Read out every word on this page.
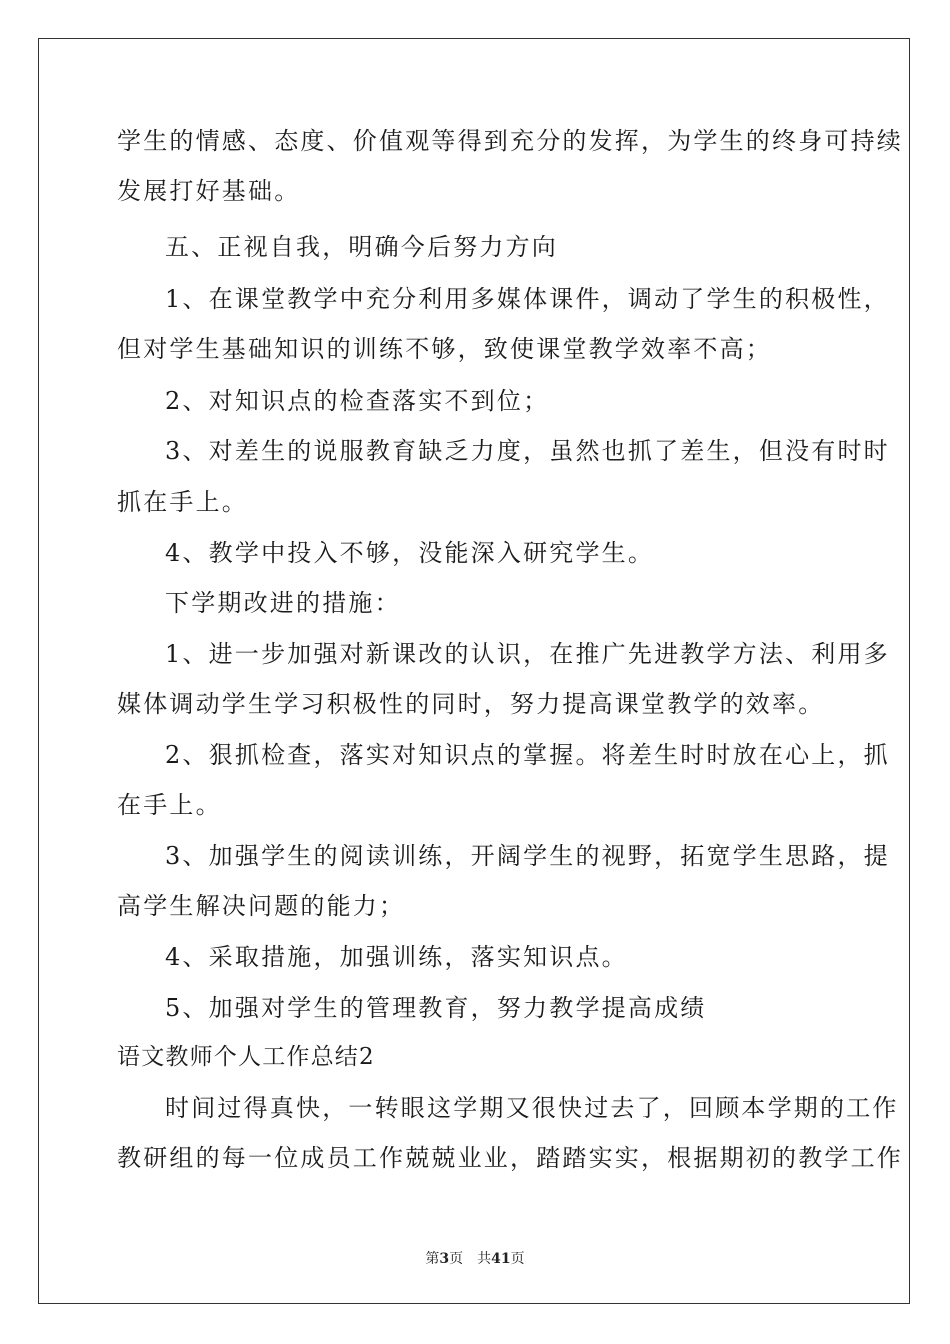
学生的情感、态度、价值观等得到充分的发挥，为学生的终身可持续
发展打好基础。
五、正视自我，明确今后努力方向
1、在课堂教学中充分利用多媒体课件，调动了学生的积极性，
但对学生基础知识的训练不够，致使课堂教学效率不高；
2、对知识点的检查落实不到位；
3、对差生的说服教育缺乏力度，虽然也抓了差生，但没有时时
抓在手上。
4、教学中投入不够，没能深入研究学生。
下学期改进的措施：
1、进一步加强对新课改的认识，在推广先进教学方法、利用多
媒体调动学生学习积极性的同时，努力提高课堂教学的效率。
2、狠抓检查，落实对知识点的掌握。将差生时时放在心上，抓
在手上。
3、加强学生的阅读训练，开阔学生的视野，拓宽学生思路，提
高学生解决问题的能力；
4、采取措施，加强训练，落实知识点。
5、加强对学生的管理教育，努力教学提高成绩
语文教师个人工作总结2
时间过得真快，一转眼这学期又很快过去了，回顾本学期的工作
教研组的每一位成员工作兢兢业业，踏踏实实，根据期初的教学工作
第3页　共41页
